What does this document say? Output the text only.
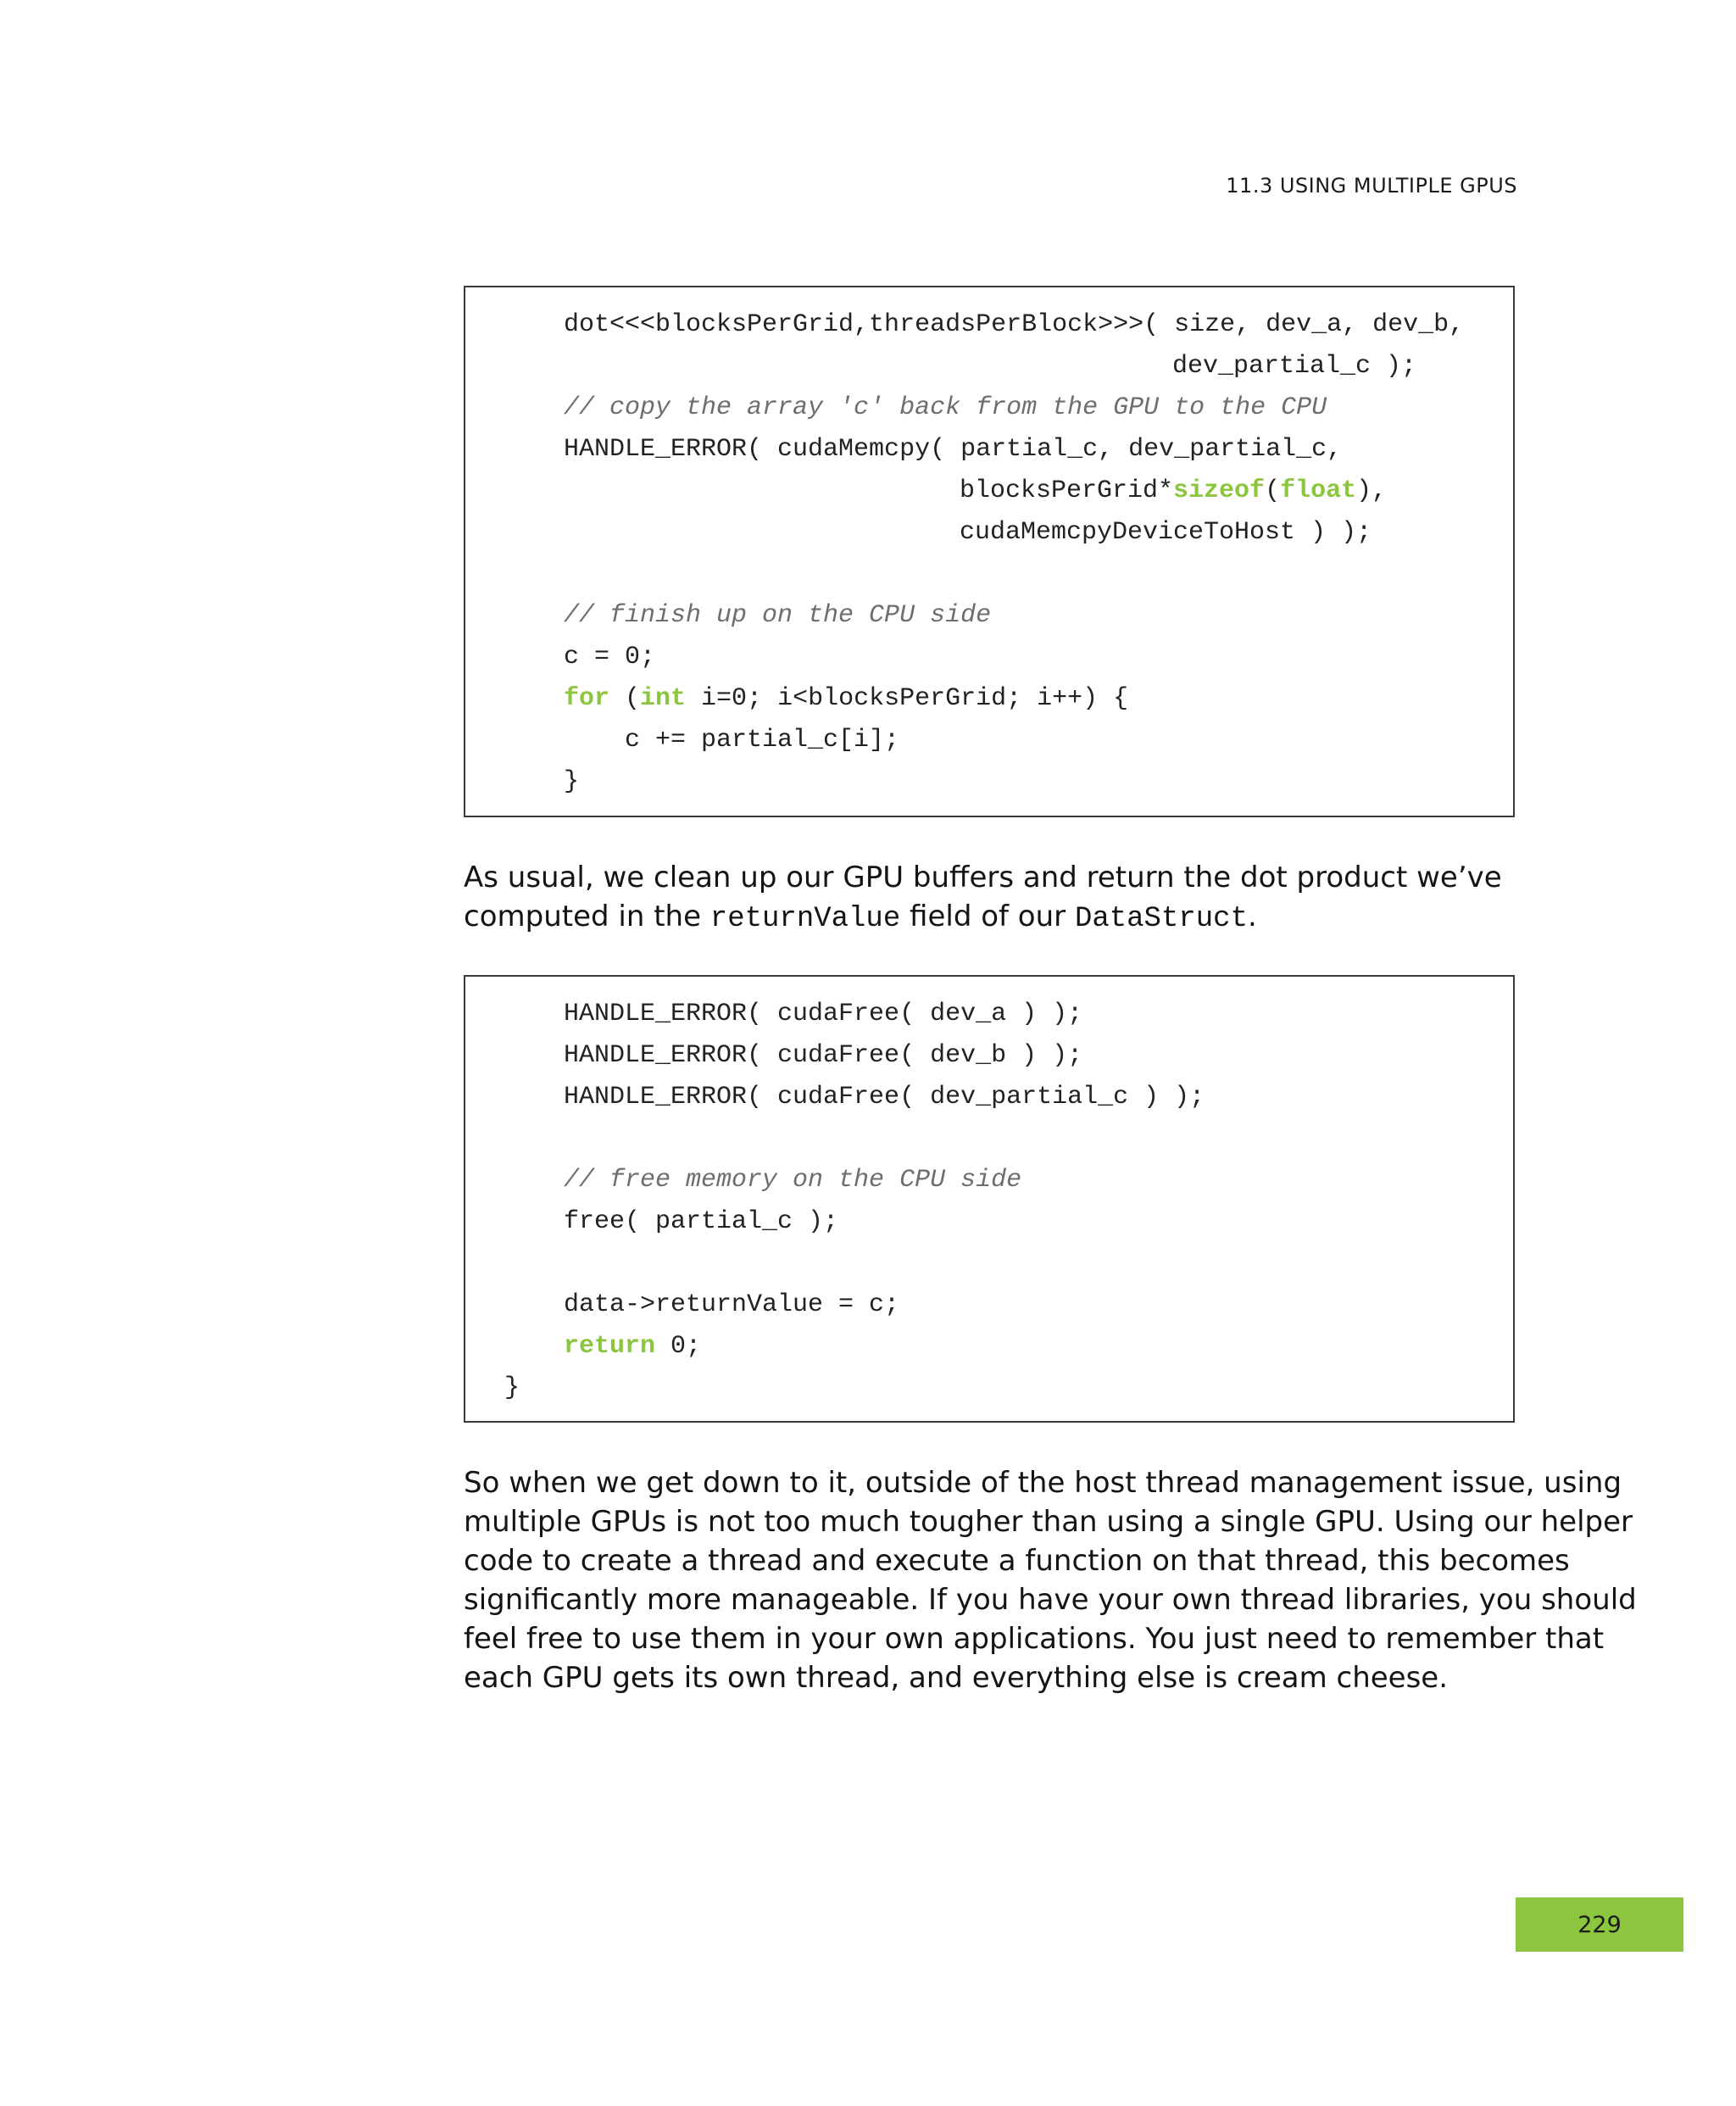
11.3 USING MULTIPLE GPUS
dot<<<blocksPerGrid,threadsPerBlock>>>( size, dev_a, dev_b,
dev_partial_c );
// copy the array 'c' back from the GPU to the CPU
HANDLE_ERROR( cudaMemcpy( partial_c, dev_partial_c,
blocksPerGrid*sizeof(float),
cudaMemcpyDeviceToHost ) );
// finish up on the CPU side
c = 0;
for (int i=0; i<blocksPerGrid; i++) {
c += partial_c[i];
}
As usual, we clean up our GPU buffers and return the dot product we’ve
computed in the returnValue field of our DataStruct.
HANDLE_ERROR( cudaFree( dev_a ) );
HANDLE_ERROR( cudaFree( dev_b ) );
HANDLE_ERROR( cudaFree( dev_partial_c ) );
// free memory on the CPU side
free( partial_c );
data->returnValue = c;
return 0;
}
So when we get down to it, outside of the host thread management issue, using
multiple GPUs is not too much tougher than using a single GPU. Using our helper
code to create a thread and execute a function on that thread, this becomes
significantly more manageable. If you have your own thread libraries, you should
feel free to use them in your own applications. You just need to remember that
each GPU gets its own thread, and everything else is cream cheese.
229
